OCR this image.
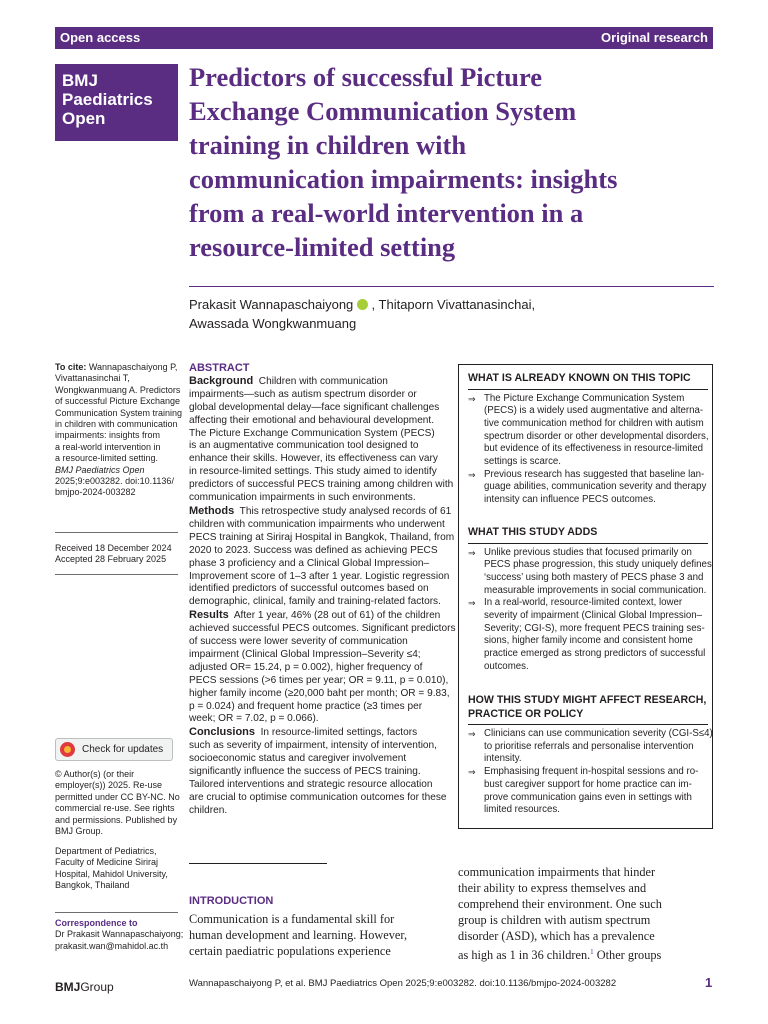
Open access	Original research
BMJ
Paediatrics
Open
Predictors of successful Picture
Exchange Communication System
training in children with
communication impairments: insights
from a real-world intervention in a
resource-limited setting
Prakasit Wannapaschaiyong , Thitaporn Vivattanasinchai,
Awassada Wongkwanmuang
To cite: Wannapaschaiyong P,
Vivattanasinchai T,
Wongkwanmuang A. Predictors
of successful Picture Exchange
Communication System training
in children with communication
impairments: insights from
a real-world intervention in
a resource-limited setting.
BMJ Paediatrics Open
2025;9:e003282. doi:10.1136/
bmjpo-2024-003282
Received 18 December 2024
Accepted 28 February 2025
Check for updates
© Author(s) (or their
employer(s)) 2025. Re-use
permitted under CC BY-NC. No
commercial re-use. See rights
and permissions. Published by
BMJ Group.
Department of Pediatrics,
Faculty of Medicine Siriraj
Hospital, Mahidol University,
Bangkok, Thailand
Correspondence to
Dr Prakasit Wannapaschaiyong;
prakasit.wan@mahidol.ac.th
ABSTRACT
Background Children with communication
impairments—such as autism spectrum disorder or
global developmental delay—face significant challenges
affecting their emotional and behavioural development.
The Picture Exchange Communication System (PECS)
is an augmentative communication tool designed to
enhance their skills. However, its effectiveness can vary
in resource-limited settings. This study aimed to identify
predictors of successful PECS training among children with
communication impairments in such environments.
Methods This retrospective study analysed records of 61
children with communication impairments who underwent
PECS training at Siriraj Hospital in Bangkok, Thailand, from
2020 to 2023. Success was defined as achieving PECS
phase 3 proficiency and a Clinical Global Impression–
Improvement score of 1–3 after 1 year. Logistic regression
identified predictors of successful outcomes based on
demographic, clinical, family and training-related factors.
Results After 1 year, 46% (28 out of 61) of the children
achieved successful PECS outcomes. Significant predictors
of success were lower severity of communication
impairment (Clinical Global Impression–Severity ≤4;
adjusted OR= 15.24, p = 0.002), higher frequency of
PECS sessions (>6 times per year; OR = 9.11, p = 0.010),
higher family income (≥20,000 baht per month; OR = 9.83,
p = 0.024) and frequent home practice (≥3 times per
week; OR = 7.02, p = 0.066).
Conclusions In resource-limited settings, factors
such as severity of impairment, intensity of intervention,
socioeconomic status and caregiver involvement
significantly influence the success of PECS training.
Tailored interventions and strategic resource allocation
are crucial to optimise communication outcomes for these
children.
WHAT IS ALREADY KNOWN ON THIS TOPIC
⇒ The Picture Exchange Communication System
(PECS) is a widely used augmentative and alterna-
tive communication method for children with autism
spectrum disorder or other developmental disorders,
but evidence of its effectiveness in resource-limited
settings is scarce.
⇒ Previous research has suggested that baseline lan-
guage abilities, communication severity and therapy
intensity can influence PECS outcomes.
WHAT THIS STUDY ADDS
⇒ Unlike previous studies that focused primarily on
PECS phase progression, this study uniquely defines
‘success’ using both mastery of PECS phase 3 and
measurable improvements in social communication.
⇒ In a real-world, resource-limited context, lower
severity of impairment (Clinical Global Impression–
Severity; CGI-S), more frequent PECS training ses-
sions, higher family income and consistent home
practice emerged as strong predictors of successful
outcomes.
HOW THIS STUDY MIGHT AFFECT RESEARCH,
PRACTICE OR POLICY
⇒ Clinicians can use communication severity (CGI-S≤4)
to prioritise referrals and personalise intervention
intensity.
⇒ Emphasising frequent in-hospital sessions and ro-
bust caregiver support for home practice can im-
prove communication gains even in settings with
limited resources.
INTRODUCTION
Communication is a fundamental skill for
human development and learning. However,
certain paediatric populations experience
communication impairments that hinder
their ability to express themselves and
comprehend their environment. One such
group is children with autism spectrum
disorder (ASD), which has a prevalence
as high as 1 in 36 children.$^1$ Other groups
BMJGroup	Wannapaschaiyong P, et al. BMJ Paediatrics Open 2025;9:e003282. doi:10.1136/bmjpo-2024-003282	1
